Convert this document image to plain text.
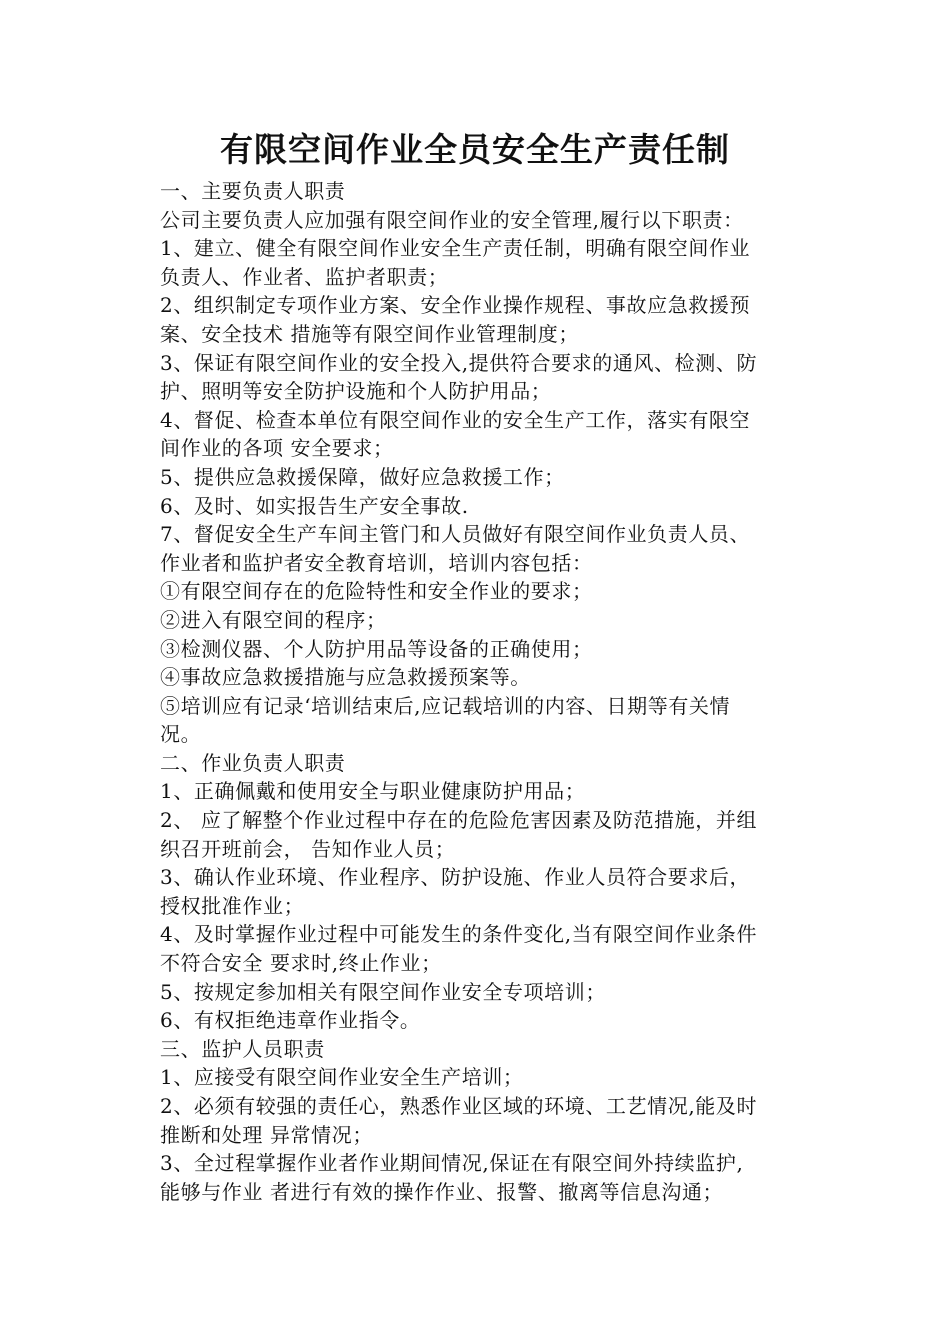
有限空间作业全员安全生产责任制

一、主要负责人职责

公司主要负责人应加强有限空间作业的安全管理,履行以下职责：

1、建立、健全有限空间作业安全生产责任制，明确有限空间作业

负责人、作业者、监护者职责；

2、组织制定专项作业方案、安全作业操作规程、事故应急救援预

案、安全技术 措施等有限空间作业管理制度；

3、保证有限空间作业的安全投入,提供符合要求的通风、检测、防

护、照明等安全防护设施和个人防护用品；

4、督促、检查本单位有限空间作业的安全生产工作，落实有限空

间作业的各项 安全要求；

5、提供应急救援保障，做好应急救援工作；

6、及时、如实报告生产安全事故.

7、督促安全生产车间主管门和人员做好有限空间作业负责人员、

作业者和监护者安全教育培训，培训内容包括：

①有限空间存在的危险特性和安全作业的要求；

②进入有限空间的程序；

③检测仪器、个人防护用品等设备的正确使用；

④事故应急救援措施与应急救援预案等。

⑤培训应有记录‘培训结束后,应记载培训的内容、日期等有关情

况。

二、作业负责人职责

1、正确佩戴和使用安全与职业健康防护用品；

2、 应了解整个作业过程中存在的危险危害因素及防范措施，并组

织召开班前会， 告知作业人员；

3、确认作业环境、作业程序、防护设施、作业人员符合要求后，

授权批准作业；

4、及时掌握作业过程中可能发生的条件变化,当有限空间作业条件

不符合安全 要求时,终止作业；

5、按规定参加相关有限空间作业安全专项培训；

6、有权拒绝违章作业指令。

三、监护人员职责

1、应接受有限空间作业安全生产培训；

2、必须有较强的责任心，熟悉作业区域的环境、工艺情况,能及时

推断和处理 异常情况；

3、全过程掌握作业者作业期间情况,保证在有限空间外持续监护,

能够与作业 者进行有效的操作作业、报警、撤离等信息沟通；
